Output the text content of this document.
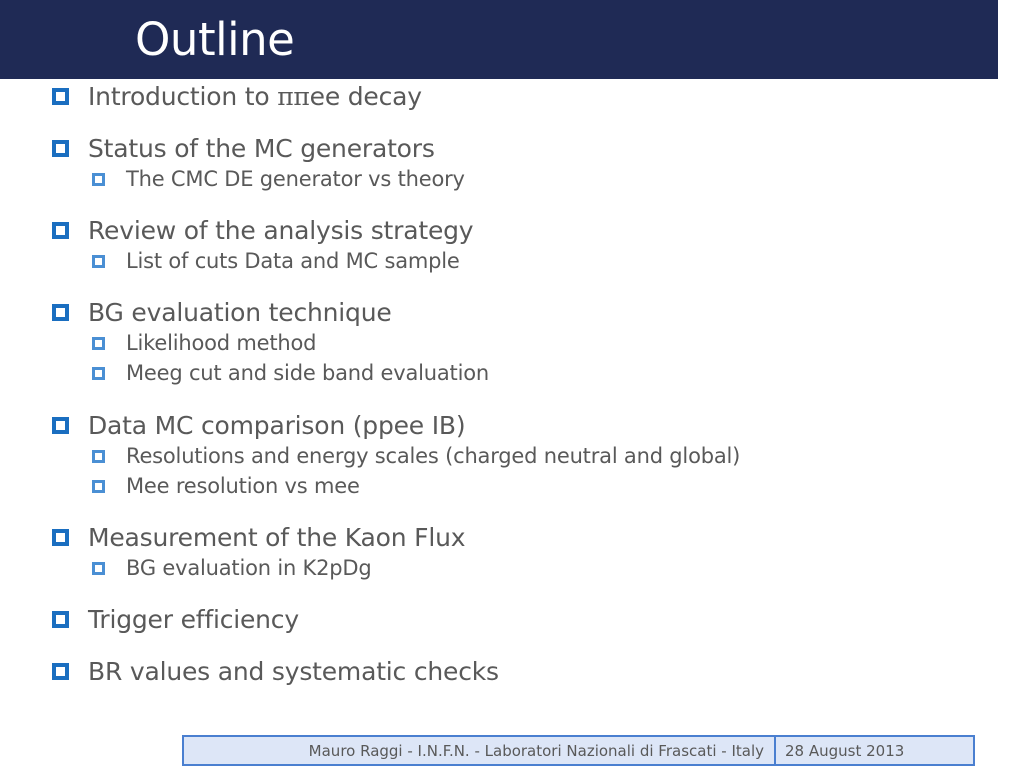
Outline
Introduction to ππee decay
Status of the MC generators
The CMC DE generator vs theory
Review of the analysis strategy
List of cuts Data and MC sample
BG evaluation technique
Likelihood method
Meeg cut and side band evaluation
Data MC comparison (ppee IB)
Resolutions and energy scales (charged neutral and global)
Mee resolution vs mee
Measurement of the Kaon Flux
BG evaluation in K2pDg
Trigger efficiency
BR values and systematic checks
Mauro Raggi - I.N.F.N. - Laboratori Nazionali di Frascati - Italy	28 August 2013
